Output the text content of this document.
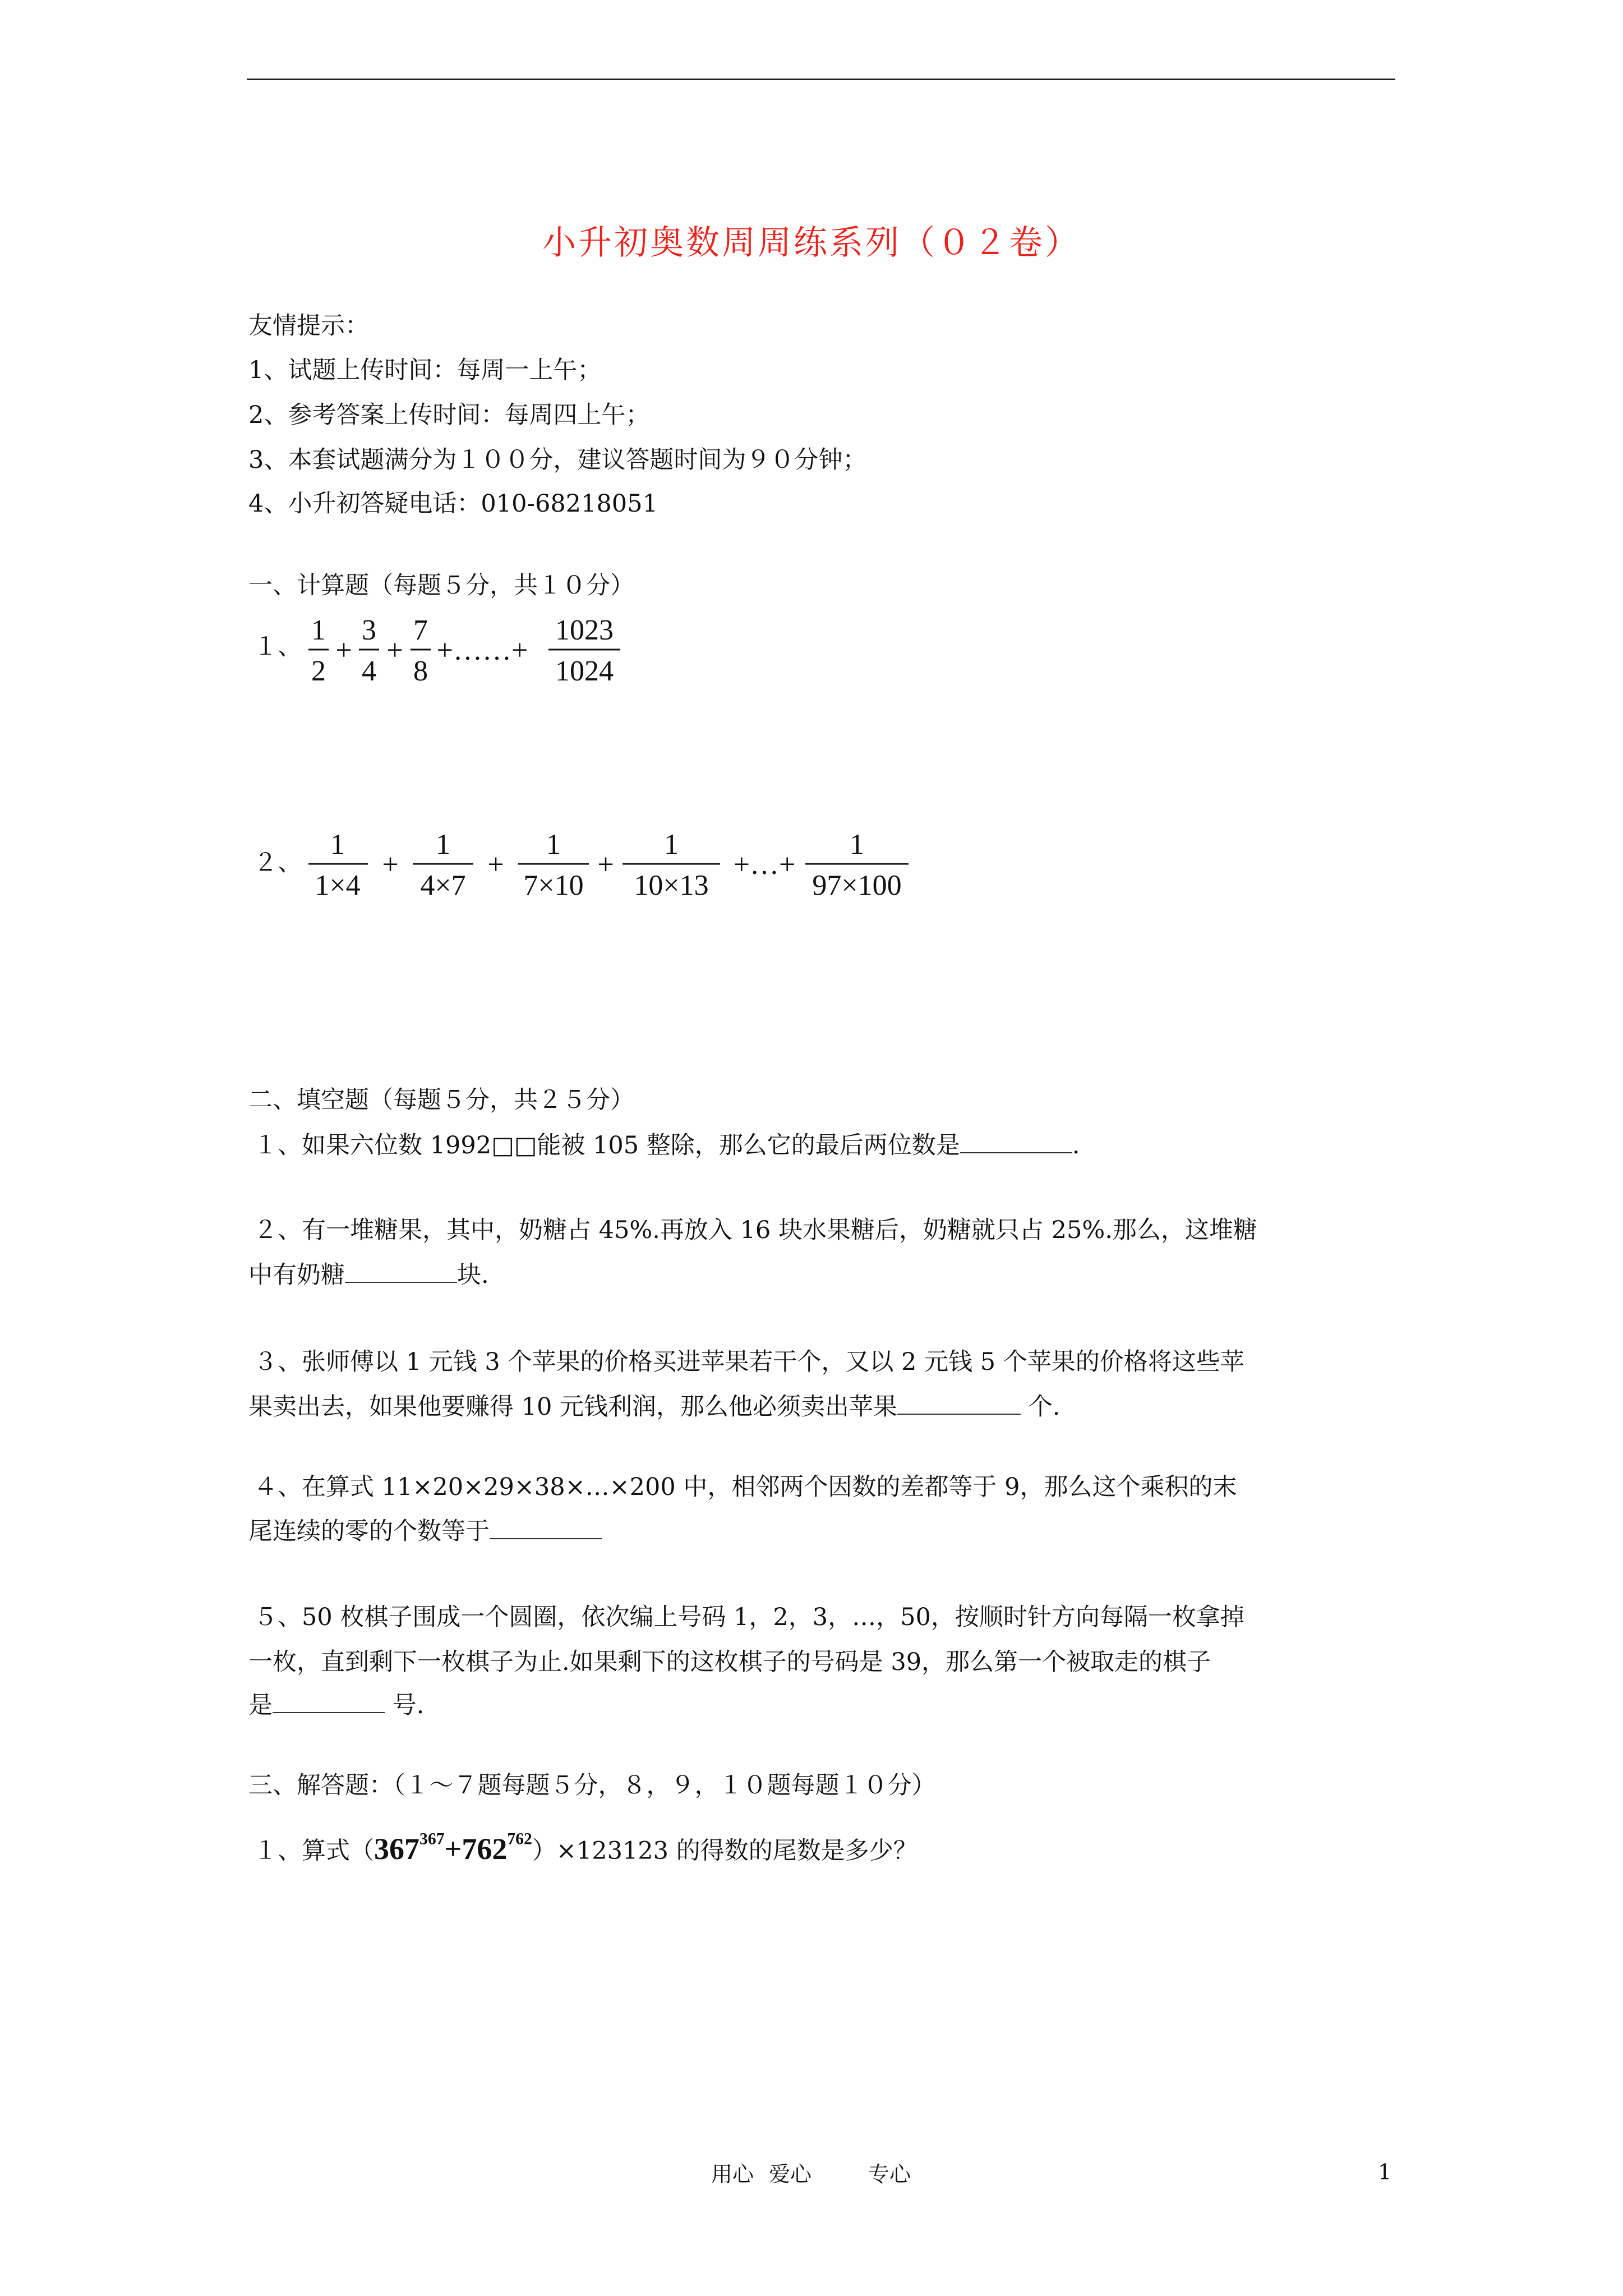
小升初奥数周周练系列（０２卷）
友情提示：
1、试题上传时间：每周一上午；
2、参考答案上传时间：每周四上午；
3、本套试题满分为１００分，建议答题时间为９０分钟；
4、小升初答疑电话：010-68218051
一、计算题（每题５分，共１０分）
１、
1
2
+
3
4
+
7
8
+……+
1023
1024
２、
1
1×4
+
1
4×7
+
1
7×10
+
1
10×13
+…+
1
97×100
二、填空题（每题５分，共２５分）
１、如果六位数 1992□□能被 105 整除，那么它的最后两位数是	.
２、有一堆糖果，其中，奶糖占 45%.再放入 16 块水果糖后，奶糖就只占 25%.那么，这堆糖
中有奶糖	块.
３、张师傅以 1 元钱 3 个苹果的价格买进苹果若干个，又以 2 元钱 5 个苹果的价格将这些苹
果卖出去，如果他要赚得 10 元钱利润，那么他必须卖出苹果	个.
４、在算式 11×20×29×38×…×200 中，相邻两个因数的差都等于 9，那么这个乘积的末
尾连续的零的个数等于
５、50 枚棋子围成一个圆圈，依次编上号码 1，2，3，…，50，按顺时针方向每隔一枚拿掉
一枚，直到剩下一枚棋子为止.如果剩下的这枚棋子的号码是 39，那么第一个被取走的棋子
是	号.
三、解答题：（１～７题每题５分，８，９，１０题每题１０分）
１、算式$(367^{367}+762^{762})\times 123123$ 的得数的尾数是多少？
用心 爱心	专心	1
